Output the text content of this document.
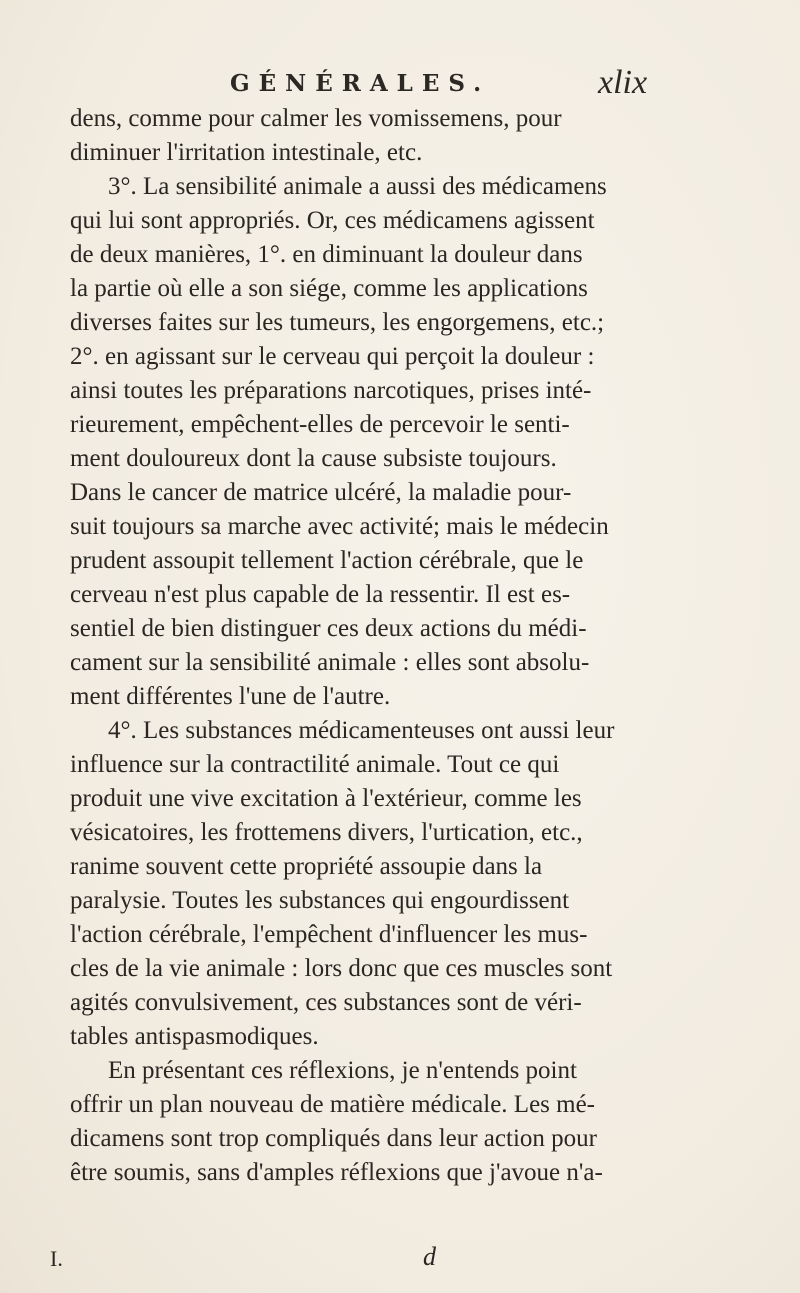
GÉNÉRALES.	xlix
dens, comme pour calmer les vomissemens, pour
diminuer l'irritation intestinale, etc.
3°. La sensibilité animale a aussi des médicamens
qui lui sont appropriés. Or, ces médicamens agissent
de deux manières, 1°. en diminuant la douleur dans
la partie où elle a son siége, comme les applications
diverses faites sur les tumeurs, les engorgemens, etc.;
2°. en agissant sur le cerveau qui perçoit la douleur :
ainsi toutes les préparations narcotiques, prises inté-
rieurement, empêchent-elles de percevoir le senti-
ment douloureux dont la cause subsiste toujours.
Dans le cancer de matrice ulcéré, la maladie pour-
suit toujours sa marche avec activité; mais le médecin
prudent assoupit tellement l'action cérébrale, que le
cerveau n'est plus capable de la ressentir. Il est es-
sentiel de bien distinguer ces deux actions du médi-
cament sur la sensibilité animale : elles sont absolu-
ment différentes l'une de l'autre.
4°. Les substances médicamenteuses ont aussi leur
influence sur la contractilité animale. Tout ce qui
produit une vive excitation à l'extérieur, comme les
vésicatoires, les frottemens divers, l'urtication, etc.,
ranime souvent cette propriété assoupie dans la
paralysie. Toutes les substances qui engourdissent
l'action cérébrale, l'empêchent d'influencer les mus-
cles de la vie animale : lors donc que ces muscles sont
agités convulsivement, ces substances sont de véri-
tables antispasmodiques.
En présentant ces réflexions, je n'entends point
offrir un plan nouveau de matière médicale. Les mé-
dicamens sont trop compliqués dans leur action pour
être soumis, sans d'amples réflexions que j'avoue n'a-
I.	d
